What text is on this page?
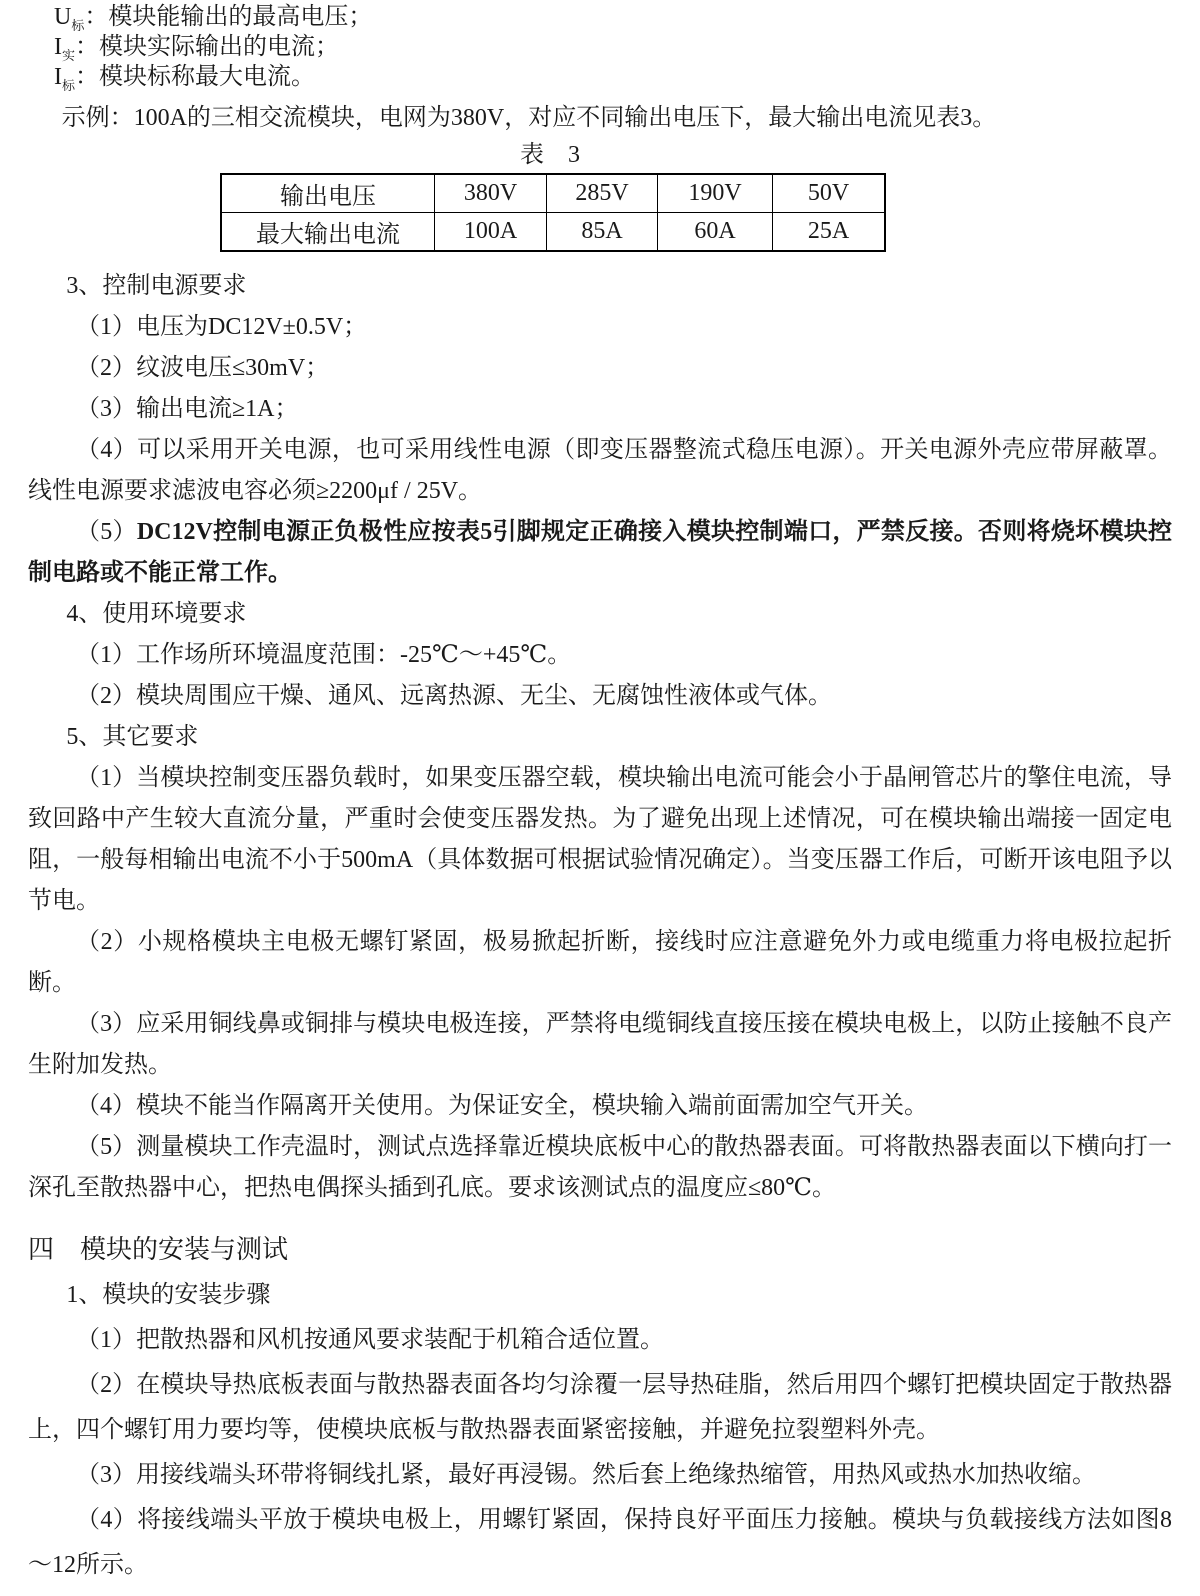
$U_标$：模块能输出的最高电压；

$I_实$：模块实际输出的电流；

$I_标$：模块标称最大电流。

示例：100A的三相交流模块，电网为380V，对应不同输出电压下，最大输出电流见表3。

表　3

输出电压	380V	285V	190V	50V
最大输出电流	100A	85A	60A	25A

3、控制电源要求

（1）电压为DC12V±0.5V；

（2）纹波电压≤30mV；

（3）输出电流≥1A；

（4）可以采用开关电源，也可采用线性电源（即变压器整流式稳压电源）。开关电源外壳应带屏蔽罩。线性电源要求滤波电容必须≥2200μf / 25V。

（5）DC12V控制电源正负极性应按表5引脚规定正确接入模块控制端口，严禁反接。否则将烧坏模块控制电路或不能正常工作。

4、使用环境要求

（1）工作场所环境温度范围：-25℃～+45℃。

（2）模块周围应干燥、通风、远离热源、无尘、无腐蚀性液体或气体。

5、其它要求

（1）当模块控制变压器负载时，如果变压器空载，模块输出电流可能会小于晶闸管芯片的擎住电流，导致回路中产生较大直流分量，严重时会使变压器发热。为了避免出现上述情况，可在模块输出端接一固定电阻，一般每相输出电流不小于500mA（具体数据可根据试验情况确定）。当变压器工作后，可断开该电阻予以节电。

（2）小规格模块主电极无螺钉紧固，极易掀起折断，接线时应注意避免外力或电缆重力将电极拉起折断。

（3）应采用铜线鼻或铜排与模块电极连接，严禁将电缆铜线直接压接在模块电极上，以防止接触不良产生附加发热。

（4）模块不能当作隔离开关使用。为保证安全，模块输入端前面需加空气开关。

（5）测量模块工作壳温时，测试点选择靠近模块底板中心的散热器表面。可将散热器表面以下横向打一深孔至散热器中心，把热电偶探头插到孔底。要求该测试点的温度应≤80℃。

四　模块的安装与测试

1、模块的安装步骤

（1）把散热器和风机按通风要求装配于机箱合适位置。

（2）在模块导热底板表面与散热器表面各均匀涂覆一层导热硅脂，然后用四个螺钉把模块固定于散热器上，四个螺钉用力要均等，使模块底板与散热器表面紧密接触，并避免拉裂塑料外壳。

（3）用接线端头环带将铜线扎紧，最好再浸锡。然后套上绝缘热缩管，用热风或热水加热收缩。

（4）将接线端头平放于模块电极上，用螺钉紧固，保持良好平面压力接触。模块与负载接线方法如图8～12所示。
